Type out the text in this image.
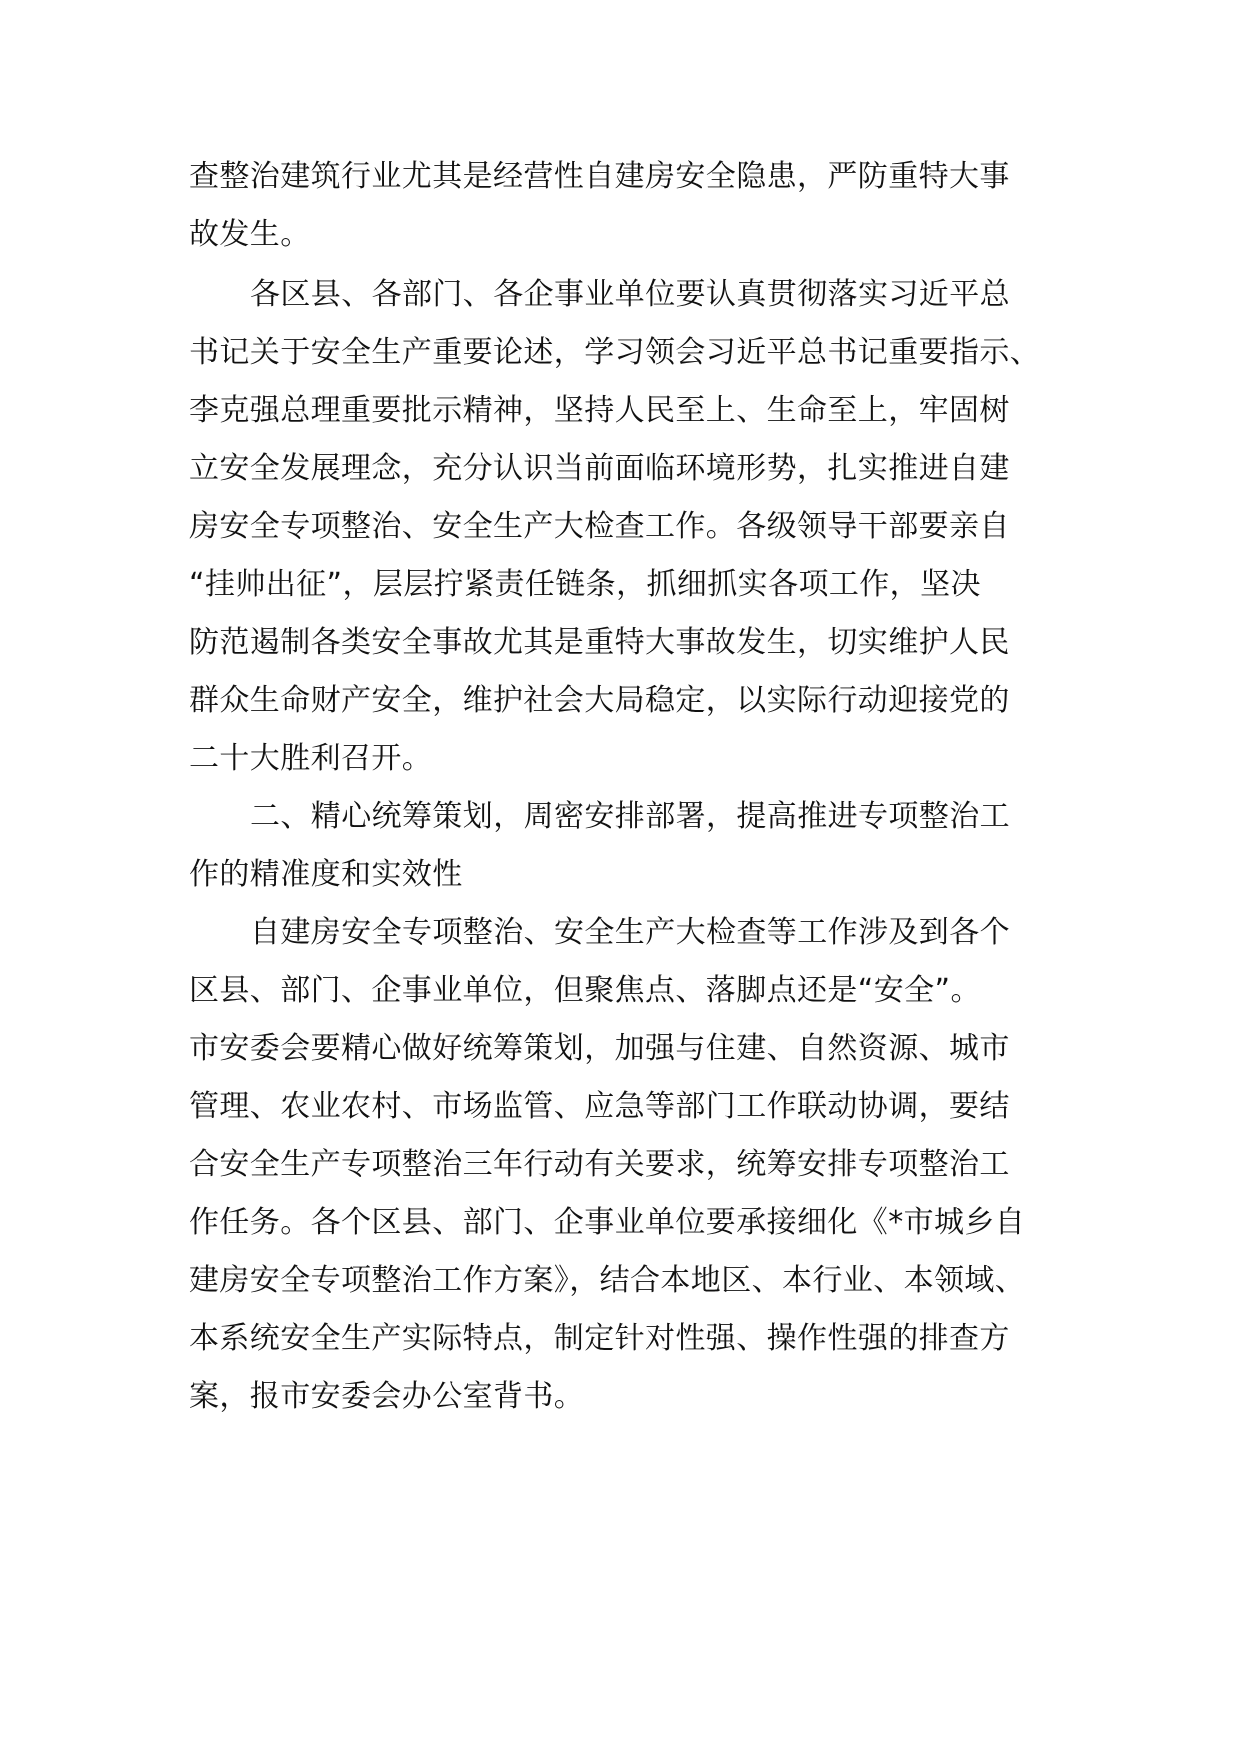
查整治建筑行业尤其是经营性自建房安全隐患，严防重特大事
故发生。
各区县、各部门、各企事业单位要认真贯彻落实习近平总
书记关于安全生产重要论述，学习领会习近平总书记重要指示、
李克强总理重要批示精神，坚持人民至上、生命至上，牢固树
立安全发展理念，充分认识当前面临环境形势，扎实推进自建
房安全专项整治、安全生产大检查工作。各级领导干部要亲自
“挂帅出征”，层层拧紧责任链条，抓细抓实各项工作，坚决
防范遏制各类安全事故尤其是重特大事故发生，切实维护人民
群众生命财产安全，维护社会大局稳定，以实际行动迎接党的
二十大胜利召开。
二、精心统筹策划，周密安排部署，提高推进专项整治工
作的精准度和实效性
自建房安全专项整治、安全生产大检查等工作涉及到各个
区县、部门、企事业单位，但聚焦点、落脚点还是“安全”。
市安委会要精心做好统筹策划，加强与住建、自然资源、城市
管理、农业农村、市场监管、应急等部门工作联动协调，要结
合安全生产专项整治三年行动有关要求，统筹安排专项整治工
作任务。各个区县、部门、企事业单位要承接细化《*市城乡自
建房安全专项整治工作方案》，结合本地区、本行业、本领域、
本系统安全生产实际特点，制定针对性强、操作性强的排查方
案，报市安委会办公室背书。
